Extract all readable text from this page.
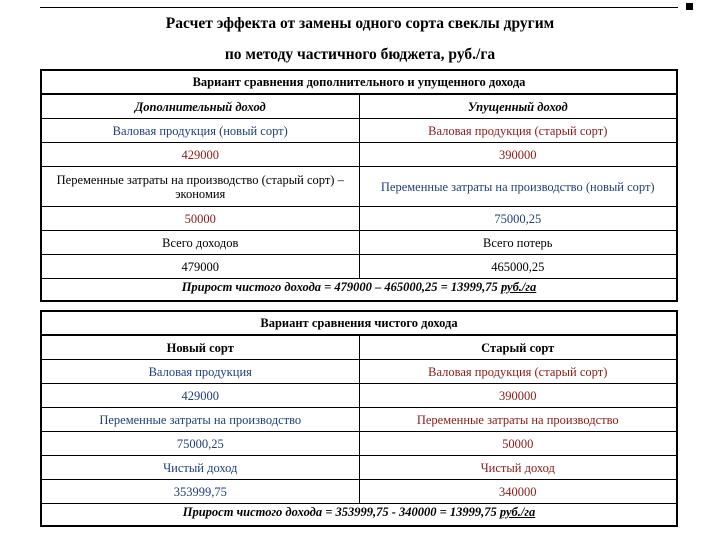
Расчет эффекта от замены одного сорта свеклы другим
по методу частичного бюджета, руб./га
Вариант сравнения дополнительного и упущенного дохода
Дополнительный доход	Упущенный доход
Валовая продукция (новый сорт)	Валовая продукция (старый сорт)
429000	390000
Переменные затраты на производство (старый сорт) – экономия	Переменные затраты на производство (новый сорт)
50000	75000,25
Всего доходов	Всего потерь
479000	465000,25
Прирост чистого дохода = 479000 – 465000,25 = 13999,75 руб./га
Вариант сравнения чистого дохода
Новый сорт	Старый сорт
Валовая продукция	Валовая продукция (старый сорт)
429000	390000
Переменные затраты на производство	Переменные затраты на производство
75000,25	50000
Чистый доход	Чистый доход
353999,75	340000
Прирост чистого дохода = 353999,75 - 340000 = 13999,75 руб./га
